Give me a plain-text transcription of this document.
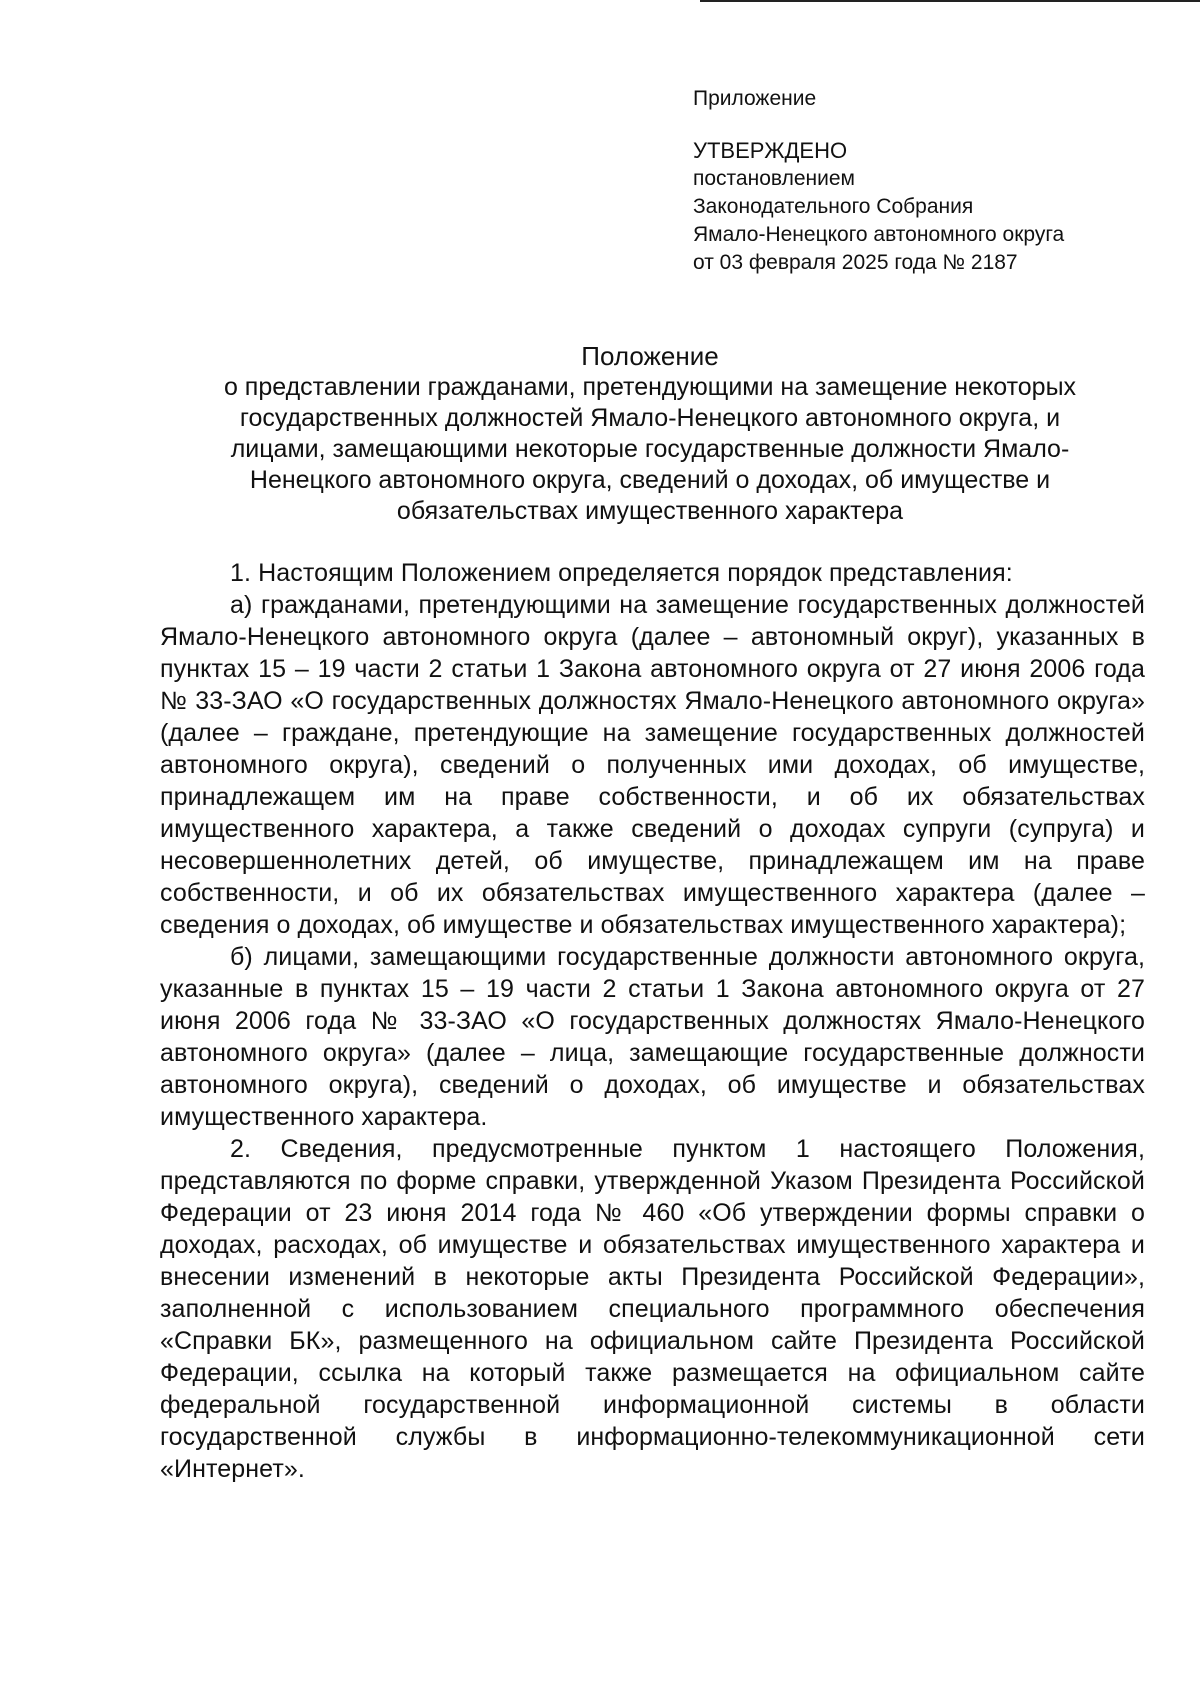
Приложение
УТВЕРЖДЕНО
постановлением
Законодательного Собрания
Ямало-Ненецкого автономного округа
от 03 февраля 2025 года № 2187
Положение
о представлении гражданами, претендующими на замещение некоторых
государственных должностей Ямало-Ненецкого автономного округа, и
лицами, замещающими некоторые государственные должности Ямало-
Ненецкого автономного округа, сведений о доходах, об имуществе и
обязательствах имущественного характера

1. Настоящим Положением определяется порядок представления:

а) гражданами, претендующими на замещение государственных должностей Ямало-Ненецкого автономного округа (далее – автономный округ), указанных в пунктах 15 – 19 части 2 статьи 1 Закона автономного округа от 27 июня 2006 года № 33-ЗАО «О государственных должностях Ямало-Ненецкого автономного округа» (далее – граждане, претендующие на замещение государственных должностей автономного округа), сведений о полученных ими доходах, об имуществе, принадлежащем им на праве собственности, и об их обязательствах имущественного характера, а также сведений о доходах супруги (супруга) и несовершеннолетних детей, об имуществе, принадлежащем им на праве собственности, и об их обязательствах имущественного характера (далее – сведения о доходах, об имуществе и обязательствах имущественного характера);

б) лицами, замещающими государственные должности автономного округа, указанные в пунктах 15 – 19 части 2 статьи 1 Закона автономного округа от 27 июня 2006 года № 33-ЗАО «О государственных должностях Ямало-Ненецкого автономного округа» (далее – лица, замещающие государственные должности автономного округа), сведений о доходах, об имуществе и обязательствах имущественного характера.

2. Сведения, предусмотренные пунктом 1 настоящего Положения, представляются по форме справки, утвержденной Указом Президента Российской Федерации от 23 июня 2014 года № 460 «Об утверждении формы справки о доходах, расходах, об имуществе и обязательствах имущественного характера и внесении изменений в некоторые акты Президента Российской Федерации», заполненной с использованием специального программного обеспечения «Справки БК», размещенного на официальном сайте Президента Российской Федерации, ссылка на который также размещается на официальном сайте федеральной государственной информационной системы в области государственной службы в информационно-телекоммуникационной сети «Интернет».
